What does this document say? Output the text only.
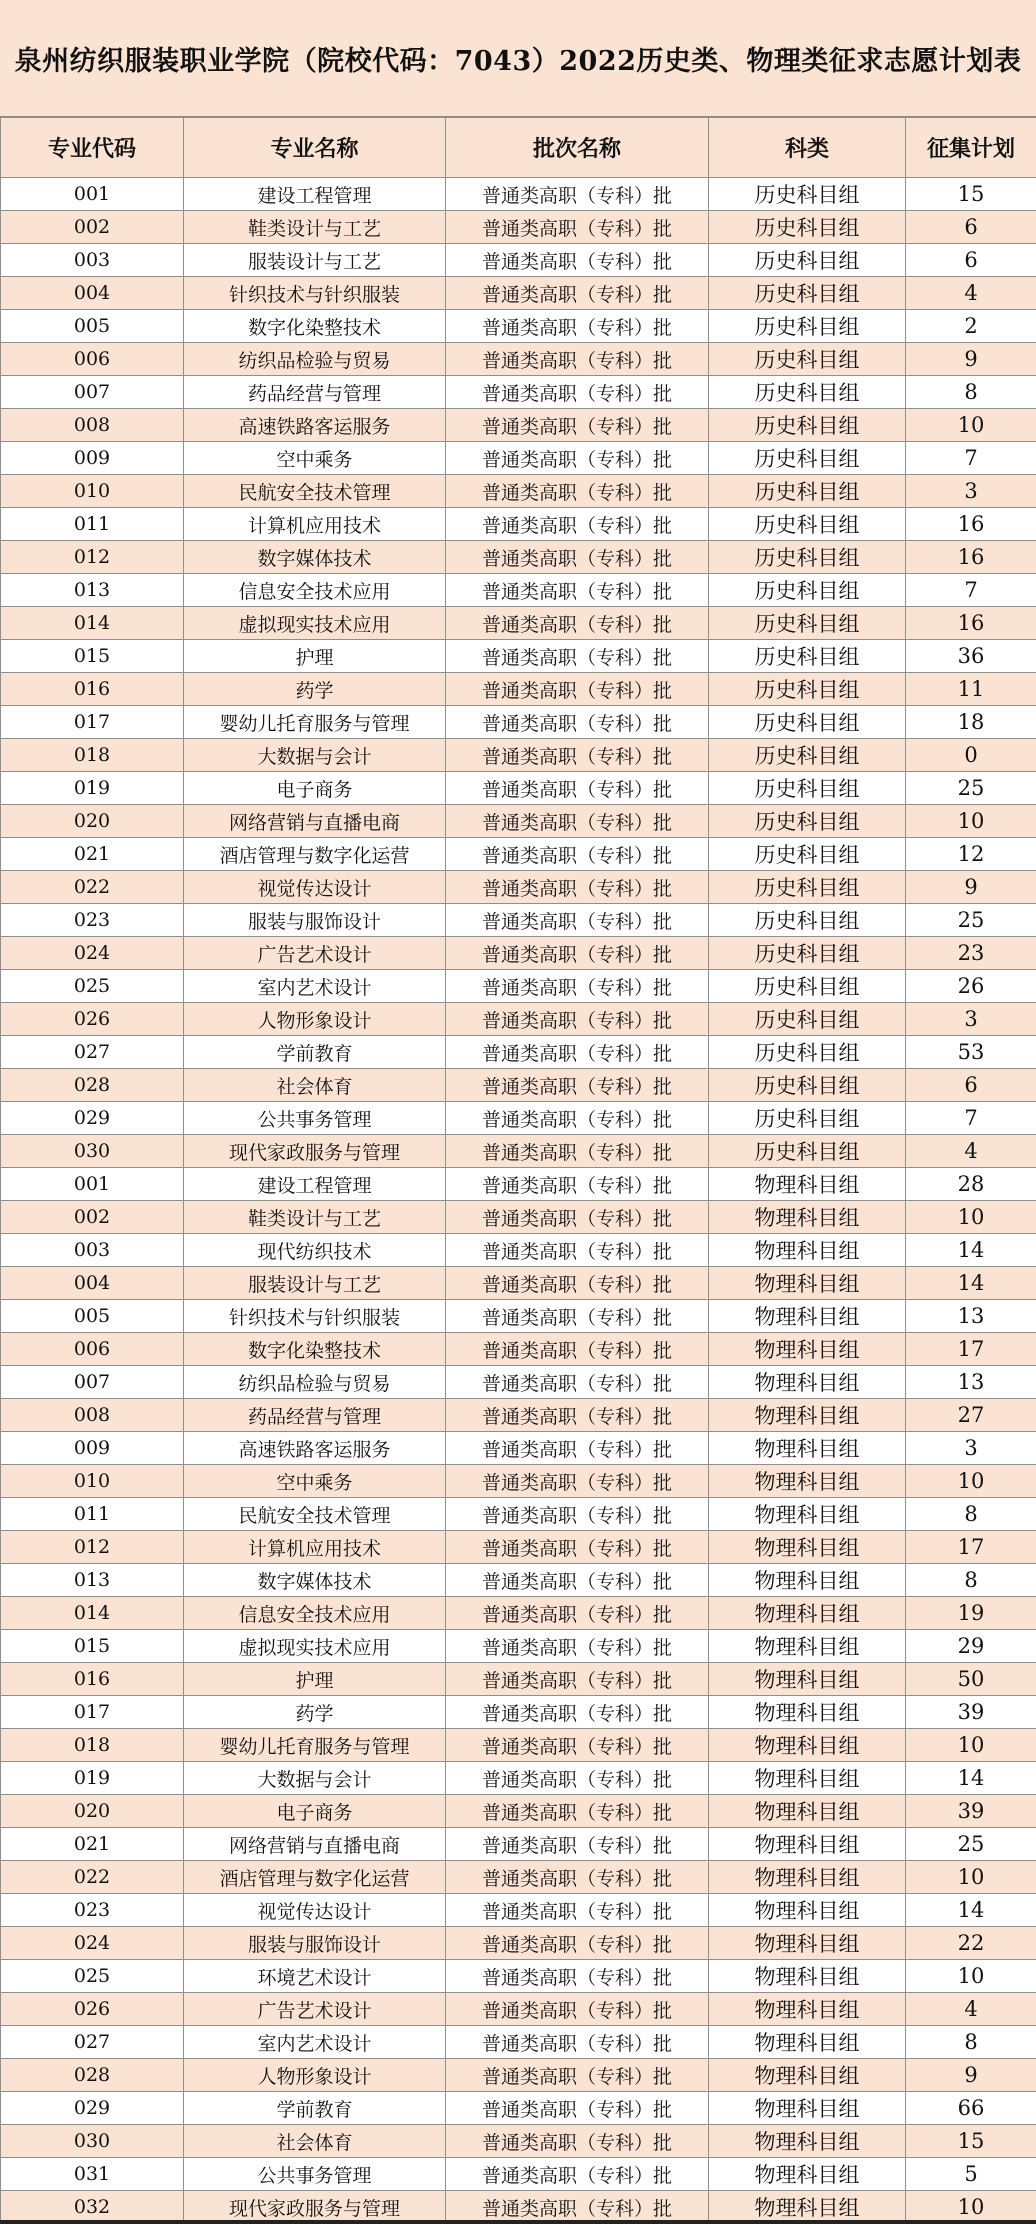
泉州纺织服装职业学院（院校代码：7043）2022历史类、物理类征求志愿计划表
专业代码	专业名称	批次名称	科类	征集计划
001	建设工程管理	普通类高职（专科）批	历史科目组	15
002	鞋类设计与工艺	普通类高职（专科）批	历史科目组	6
003	服装设计与工艺	普通类高职（专科）批	历史科目组	6
004	针织技术与针织服装	普通类高职（专科）批	历史科目组	4
005	数字化染整技术	普通类高职（专科）批	历史科目组	2
006	纺织品检验与贸易	普通类高职（专科）批	历史科目组	9
007	药品经营与管理	普通类高职（专科）批	历史科目组	8
008	高速铁路客运服务	普通类高职（专科）批	历史科目组	10
009	空中乘务	普通类高职（专科）批	历史科目组	7
010	民航安全技术管理	普通类高职（专科）批	历史科目组	3
011	计算机应用技术	普通类高职（专科）批	历史科目组	16
012	数字媒体技术	普通类高职（专科）批	历史科目组	16
013	信息安全技术应用	普通类高职（专科）批	历史科目组	7
014	虚拟现实技术应用	普通类高职（专科）批	历史科目组	16
015	护理	普通类高职（专科）批	历史科目组	36
016	药学	普通类高职（专科）批	历史科目组	11
017	婴幼儿托育服务与管理	普通类高职（专科）批	历史科目组	18
018	大数据与会计	普通类高职（专科）批	历史科目组	0
019	电子商务	普通类高职（专科）批	历史科目组	25
020	网络营销与直播电商	普通类高职（专科）批	历史科目组	10
021	酒店管理与数字化运营	普通类高职（专科）批	历史科目组	12
022	视觉传达设计	普通类高职（专科）批	历史科目组	9
023	服装与服饰设计	普通类高职（专科）批	历史科目组	25
024	广告艺术设计	普通类高职（专科）批	历史科目组	23
025	室内艺术设计	普通类高职（专科）批	历史科目组	26
026	人物形象设计	普通类高职（专科）批	历史科目组	3
027	学前教育	普通类高职（专科）批	历史科目组	53
028	社会体育	普通类高职（专科）批	历史科目组	6
029	公共事务管理	普通类高职（专科）批	历史科目组	7
030	现代家政服务与管理	普通类高职（专科）批	历史科目组	4
001	建设工程管理	普通类高职（专科）批	物理科目组	28
002	鞋类设计与工艺	普通类高职（专科）批	物理科目组	10
003	现代纺织技术	普通类高职（专科）批	物理科目组	14
004	服装设计与工艺	普通类高职（专科）批	物理科目组	14
005	针织技术与针织服装	普通类高职（专科）批	物理科目组	13
006	数字化染整技术	普通类高职（专科）批	物理科目组	17
007	纺织品检验与贸易	普通类高职（专科）批	物理科目组	13
008	药品经营与管理	普通类高职（专科）批	物理科目组	27
009	高速铁路客运服务	普通类高职（专科）批	物理科目组	3
010	空中乘务	普通类高职（专科）批	物理科目组	10
011	民航安全技术管理	普通类高职（专科）批	物理科目组	8
012	计算机应用技术	普通类高职（专科）批	物理科目组	17
013	数字媒体技术	普通类高职（专科）批	物理科目组	8
014	信息安全技术应用	普通类高职（专科）批	物理科目组	19
015	虚拟现实技术应用	普通类高职（专科）批	物理科目组	29
016	护理	普通类高职（专科）批	物理科目组	50
017	药学	普通类高职（专科）批	物理科目组	39
018	婴幼儿托育服务与管理	普通类高职（专科）批	物理科目组	10
019	大数据与会计	普通类高职（专科）批	物理科目组	14
020	电子商务	普通类高职（专科）批	物理科目组	39
021	网络营销与直播电商	普通类高职（专科）批	物理科目组	25
022	酒店管理与数字化运营	普通类高职（专科）批	物理科目组	10
023	视觉传达设计	普通类高职（专科）批	物理科目组	14
024	服装与服饰设计	普通类高职（专科）批	物理科目组	22
025	环境艺术设计	普通类高职（专科）批	物理科目组	10
026	广告艺术设计	普通类高职（专科）批	物理科目组	4
027	室内艺术设计	普通类高职（专科）批	物理科目组	8
028	人物形象设计	普通类高职（专科）批	物理科目组	9
029	学前教育	普通类高职（专科）批	物理科目组	66
030	社会体育	普通类高职（专科）批	物理科目组	15
031	公共事务管理	普通类高职（专科）批	物理科目组	5
032	现代家政服务与管理	普通类高职（专科）批	物理科目组	10
